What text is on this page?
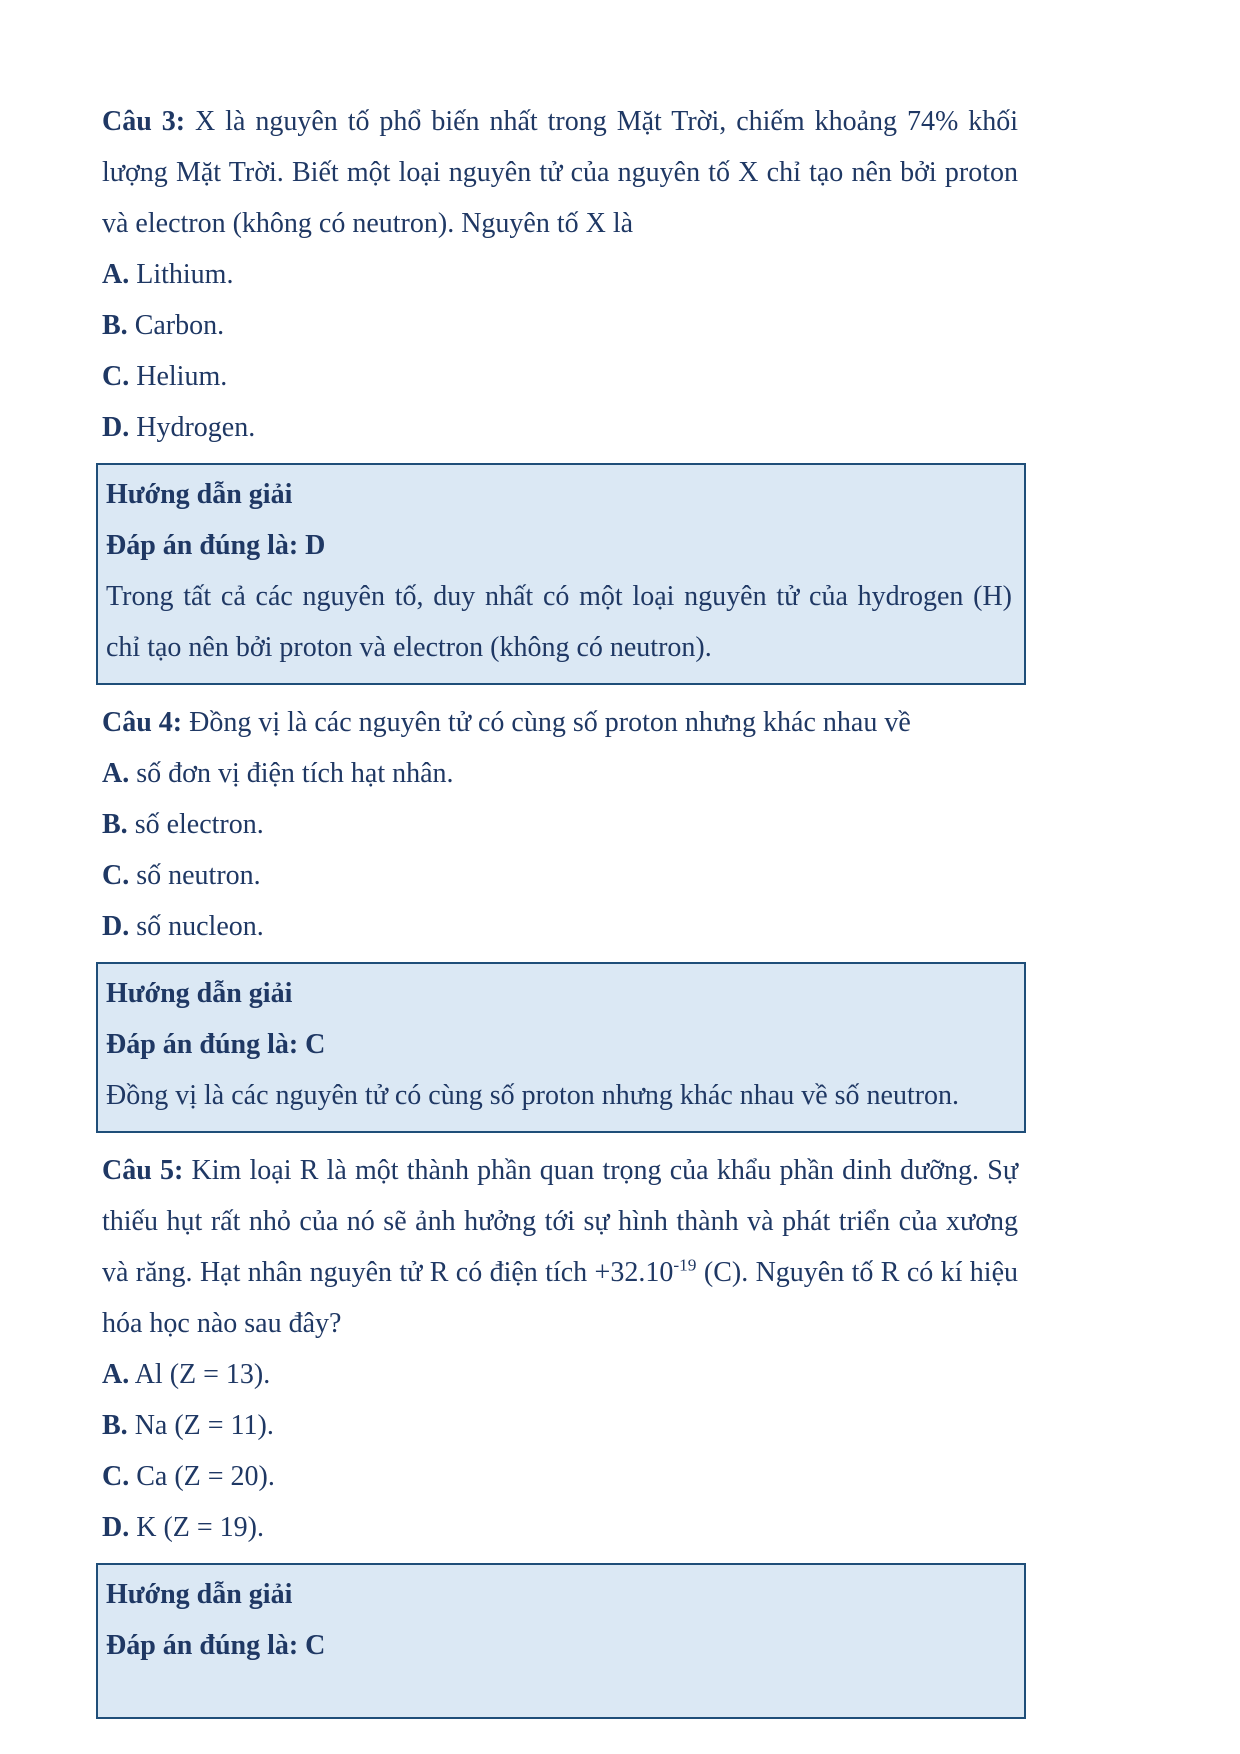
Câu 3: X là nguyên tố phổ biến nhất trong Mặt Trời, chiếm khoảng 74% khối lượng Mặt Trời. Biết một loại nguyên tử của nguyên tố X chỉ tạo nên bởi proton và electron (không có neutron). Nguyên tố X là

A. Lithium.

B. Carbon.

C. Helium.

D. Hydrogen.

Hướng dẫn giải

Đáp án đúng là: D

Trong tất cả các nguyên tố, duy nhất có một loại nguyên tử của hydrogen (H) chỉ tạo nên bởi proton và electron (không có neutron).

Câu 4: Đồng vị là các nguyên tử có cùng số proton nhưng khác nhau về

A. số đơn vị điện tích hạt nhân.

B. số electron.

C. số neutron.

D. số nucleon.

Hướng dẫn giải

Đáp án đúng là: C

Đồng vị là các nguyên tử có cùng số proton nhưng khác nhau về số neutron.

Câu 5: Kim loại R là một thành phần quan trọng của khẩu phần dinh dưỡng. Sự thiếu hụt rất nhỏ của nó sẽ ảnh hưởng tới sự hình thành và phát triển của xương và răng. Hạt nhân nguyên tử R có điện tích $+32.10^{-19}$ (C). Nguyên tố R có kí hiệu hóa học nào sau đây?

A. Al (Z = 13).

B. Na (Z = 11).

C. Ca (Z = 20).

D. K (Z = 19).

Hướng dẫn giải

Đáp án đúng là: C
